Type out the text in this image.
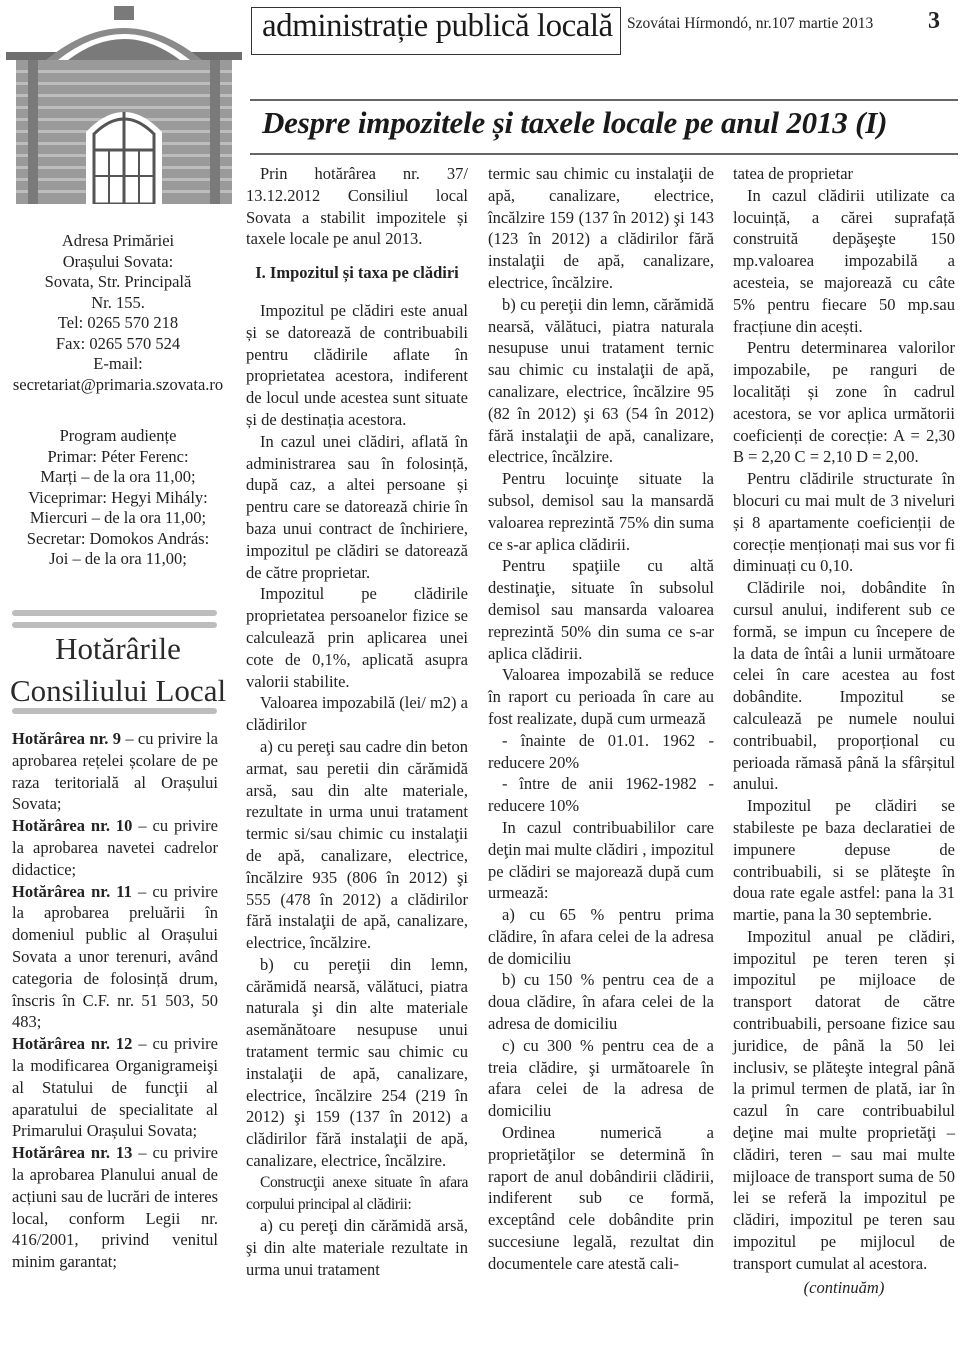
administrație publică locală Szovátai Hírmondó, nr.107 martie 2013 3
Despre impozitele și taxele locale pe anul 2013 (I)
Adresa Primăriei
Orașului Sovata:
Sovata, Str. Principală
Nr. 155.
Tel: 0265 570 218
Fax: 0265 570 524
E-mail:
secretariat@primaria.szovata.ro
Program audiențe
Primar: Péter Ferenc:
Marți – de la ora 11,00;
Viceprimar: Hegyi Mihály:
Miercuri – de la ora 11,00;
Secretar: Domokos András:
Joi – de la ora 11,00;
Hotărârile
Consiliului Local

Hotărârea nr. 9 – cu privire la aprobarea rețelei școlare de pe raza teritorială al Orașului Sovata;

Hotărârea nr. 10 – cu privire la aprobarea navetei cadrelor didactice;

Hotărârea nr. 11 – cu privire la aprobarea preluării în domeniul public al Orașului Sovata a unor terenuri, având categoria de folosință drum, înscris în C.F. nr. 51 503, 50 483;

Hotărârea nr. 12 – cu privire la modificarea Organigrameişi al Statului de funcţii al aparatului de specialitate al Primarului Orașului Sovata;

Hotărârea nr. 13 – cu privire la aprobarea Planului anual de acțiuni sau de lucrări de interes local, conform Legii nr. 416/2001, privind venitul minim garantat;

Prin hotărârea nr. 37/ 13.12.2012 Consiliul local Sovata a stabilit impozitele și taxele locale pe anul 2013.

I. Impozitul și taxa pe clădiri

Impozitul pe clădiri este anual și se datorează de contribuabili pentru clădirile aflate în proprietatea acestora, indiferent de locul unde acestea sunt situate și de destinația acestora.

In cazul unei clădiri, aflată în administrarea sau în folosință, după caz, a altei persoane și pentru care se datorează chirie în baza unui contract de închiriere, impozitul pe clădiri se datorează de către proprietar.

Impozitul pe clădirile proprietatea persoanelor fizice se calculează prin aplicarea unei cote de 0,1%, aplicată asupra valorii stabilite.

Valoarea impozabilă (lei/ m2) a clădirilor

a) cu pereţi sau cadre din beton armat, sau peretii din cărămidă arsă, sau din alte materiale, rezultate in urma unui tratament termic si/sau chimic cu instalaţii de apă, canalizare, electrice, încălzire 935 (806 în 2012) şi 555 (478 în 2012) a clădirilor fără instalaţii de apă, canalizare, electrice, încălzire.

b) cu pereţii din lemn, cărămidă nearsă, vălătuci, piatra naturala şi din alte materiale asemănătoare nesupuse unui tratament termic sau chimic cu instalaţii de apă, canalizare, electrice, încălzire 254 (219 în 2012) şi 159 (137 în 2012) a clădirilor fără instalaţii de apă, canalizare, electrice, încălzire.

Construcţii anexe situate în afara corpului principal al clădirii:

a) cu pereţi din cărămidă arsă, şi din alte materiale rezultate in urma unui tratament

termic sau chimic cu instalaţii de apă, canalizare, electrice, încălzire 159 (137 în 2012) şi 143 (123 în 2012) a clădirilor fără instalaţii de apă, canalizare, electrice, încălzire.

b) cu pereţii din lemn, cărămidă nearsă, vălătuci, piatra naturala nesupuse unui tratament ternic sau chimic cu instalaţii de apă, canalizare, electrice, încălzire 95 (82 în 2012) şi 63 (54 în 2012) fără instalaţii de apă, canalizare, electrice, încălzire.

Pentru locuinţe situate la subsol, demisol sau la mansardă valoarea reprezintă 75% din suma ce s-ar aplica clădirii.

Pentru spaţiile cu altă destinaţie, situate în subsolul demisol sau mansarda valoarea reprezintă 50% din suma ce s-ar aplica clădirii.

Valoarea impozabilă se reduce în raport cu perioada în care au fost realizate, după cum urmează

- înainte de 01.01. 1962 - reducere 20%

- între de anii 1962-1982 - reducere 10%

In cazul contribuabililor care deţin mai multe clădiri , impozitul pe clădiri se majorează după cum urmează:

a) cu 65 % pentru prima clădire, în afara celei de la adresa de domiciliu

b) cu 150 % pentru cea de a doua clădire, în afara celei de la adresa de domiciliu

c) cu 300 % pentru cea de a treia clădire, şi următoarele în afara celei de la adresa de domiciliu

Ordinea numerică a proprietăţilor se determină în raport de anul dobândirii clădirii, indiferent sub ce formă, exceptând cele dobândite prin succesiune legală, rezultat din documentele care atestă cali-

tatea de proprietar

In cazul clădirii utilizate ca locuință, a cărei suprafață construită depăşeşte 150 mp.valoarea impozabilă a acesteia, se majorează cu câte 5% pentru fiecare 50 mp.sau fracțiune din acești.

Pentru determinarea valorilor impozabile, pe ranguri de localități și zone în cadrul acestora, se vor aplica următorii coeficienți de corecție: A = 2,30 B = 2,20 C = 2,10 D = 2,00.

Pentru clădirile structurate în blocuri cu mai mult de 3 niveluri și 8 apartamente coeficienții de corecție menționați mai sus vor fi diminuați cu 0,10.

Clădirile noi, dobândite în cursul anului, indiferent sub ce formă, se impun cu începere de la data de întâi a lunii următoare celei în care acestea au fost dobândite. Impozitul se calculează pe numele noului contribuabil, proporțional cu perioada rămasă până la sfârșitul anului.

Impozitul pe clădiri se stabileste pe baza declaratiei de impunere depuse de contribuabili, si se plăteşte în doua rate egale astfel: pana la 31 martie, pana la 30 septembrie.

Impozitul anual pe clădiri, impozitul pe teren teren și impozitul pe mijloace de transport datorat de către contribuabili, persoane fizice sau juridice, de până la 50 lei inclusiv, se plăteşte integral până la primul termen de plată, iar în cazul în care contribuabilul deţine mai multe proprietăţi – clădiri, teren – sau mai multe mijloace de transport suma de 50 lei se referă la impozitul pe clădiri, impozitul pe teren sau impozitul pe mijlocul de transport cumulat al acestora.

(continuăm)
